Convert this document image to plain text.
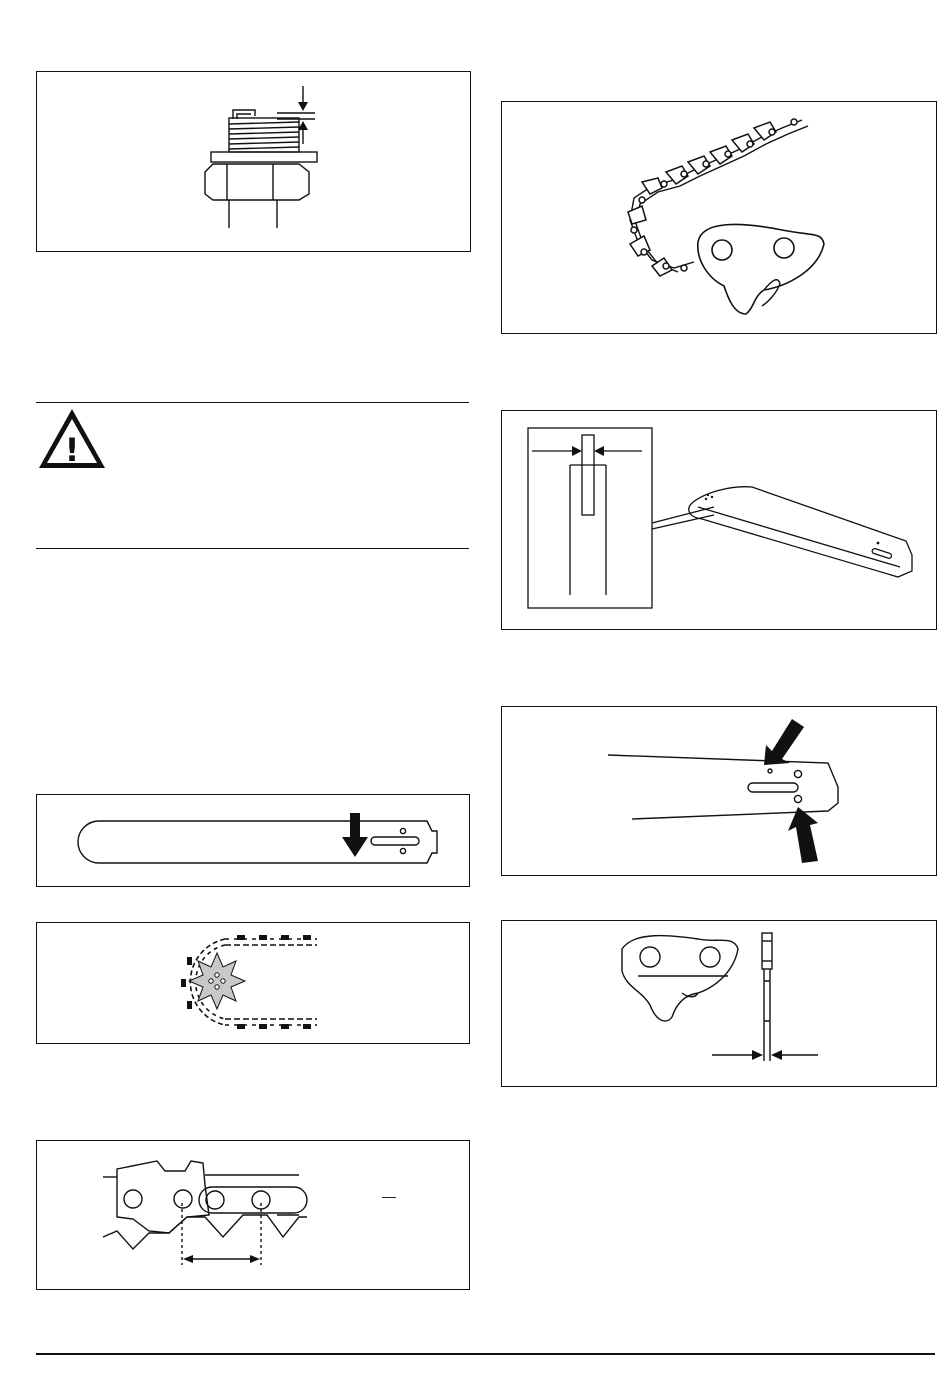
!
—
